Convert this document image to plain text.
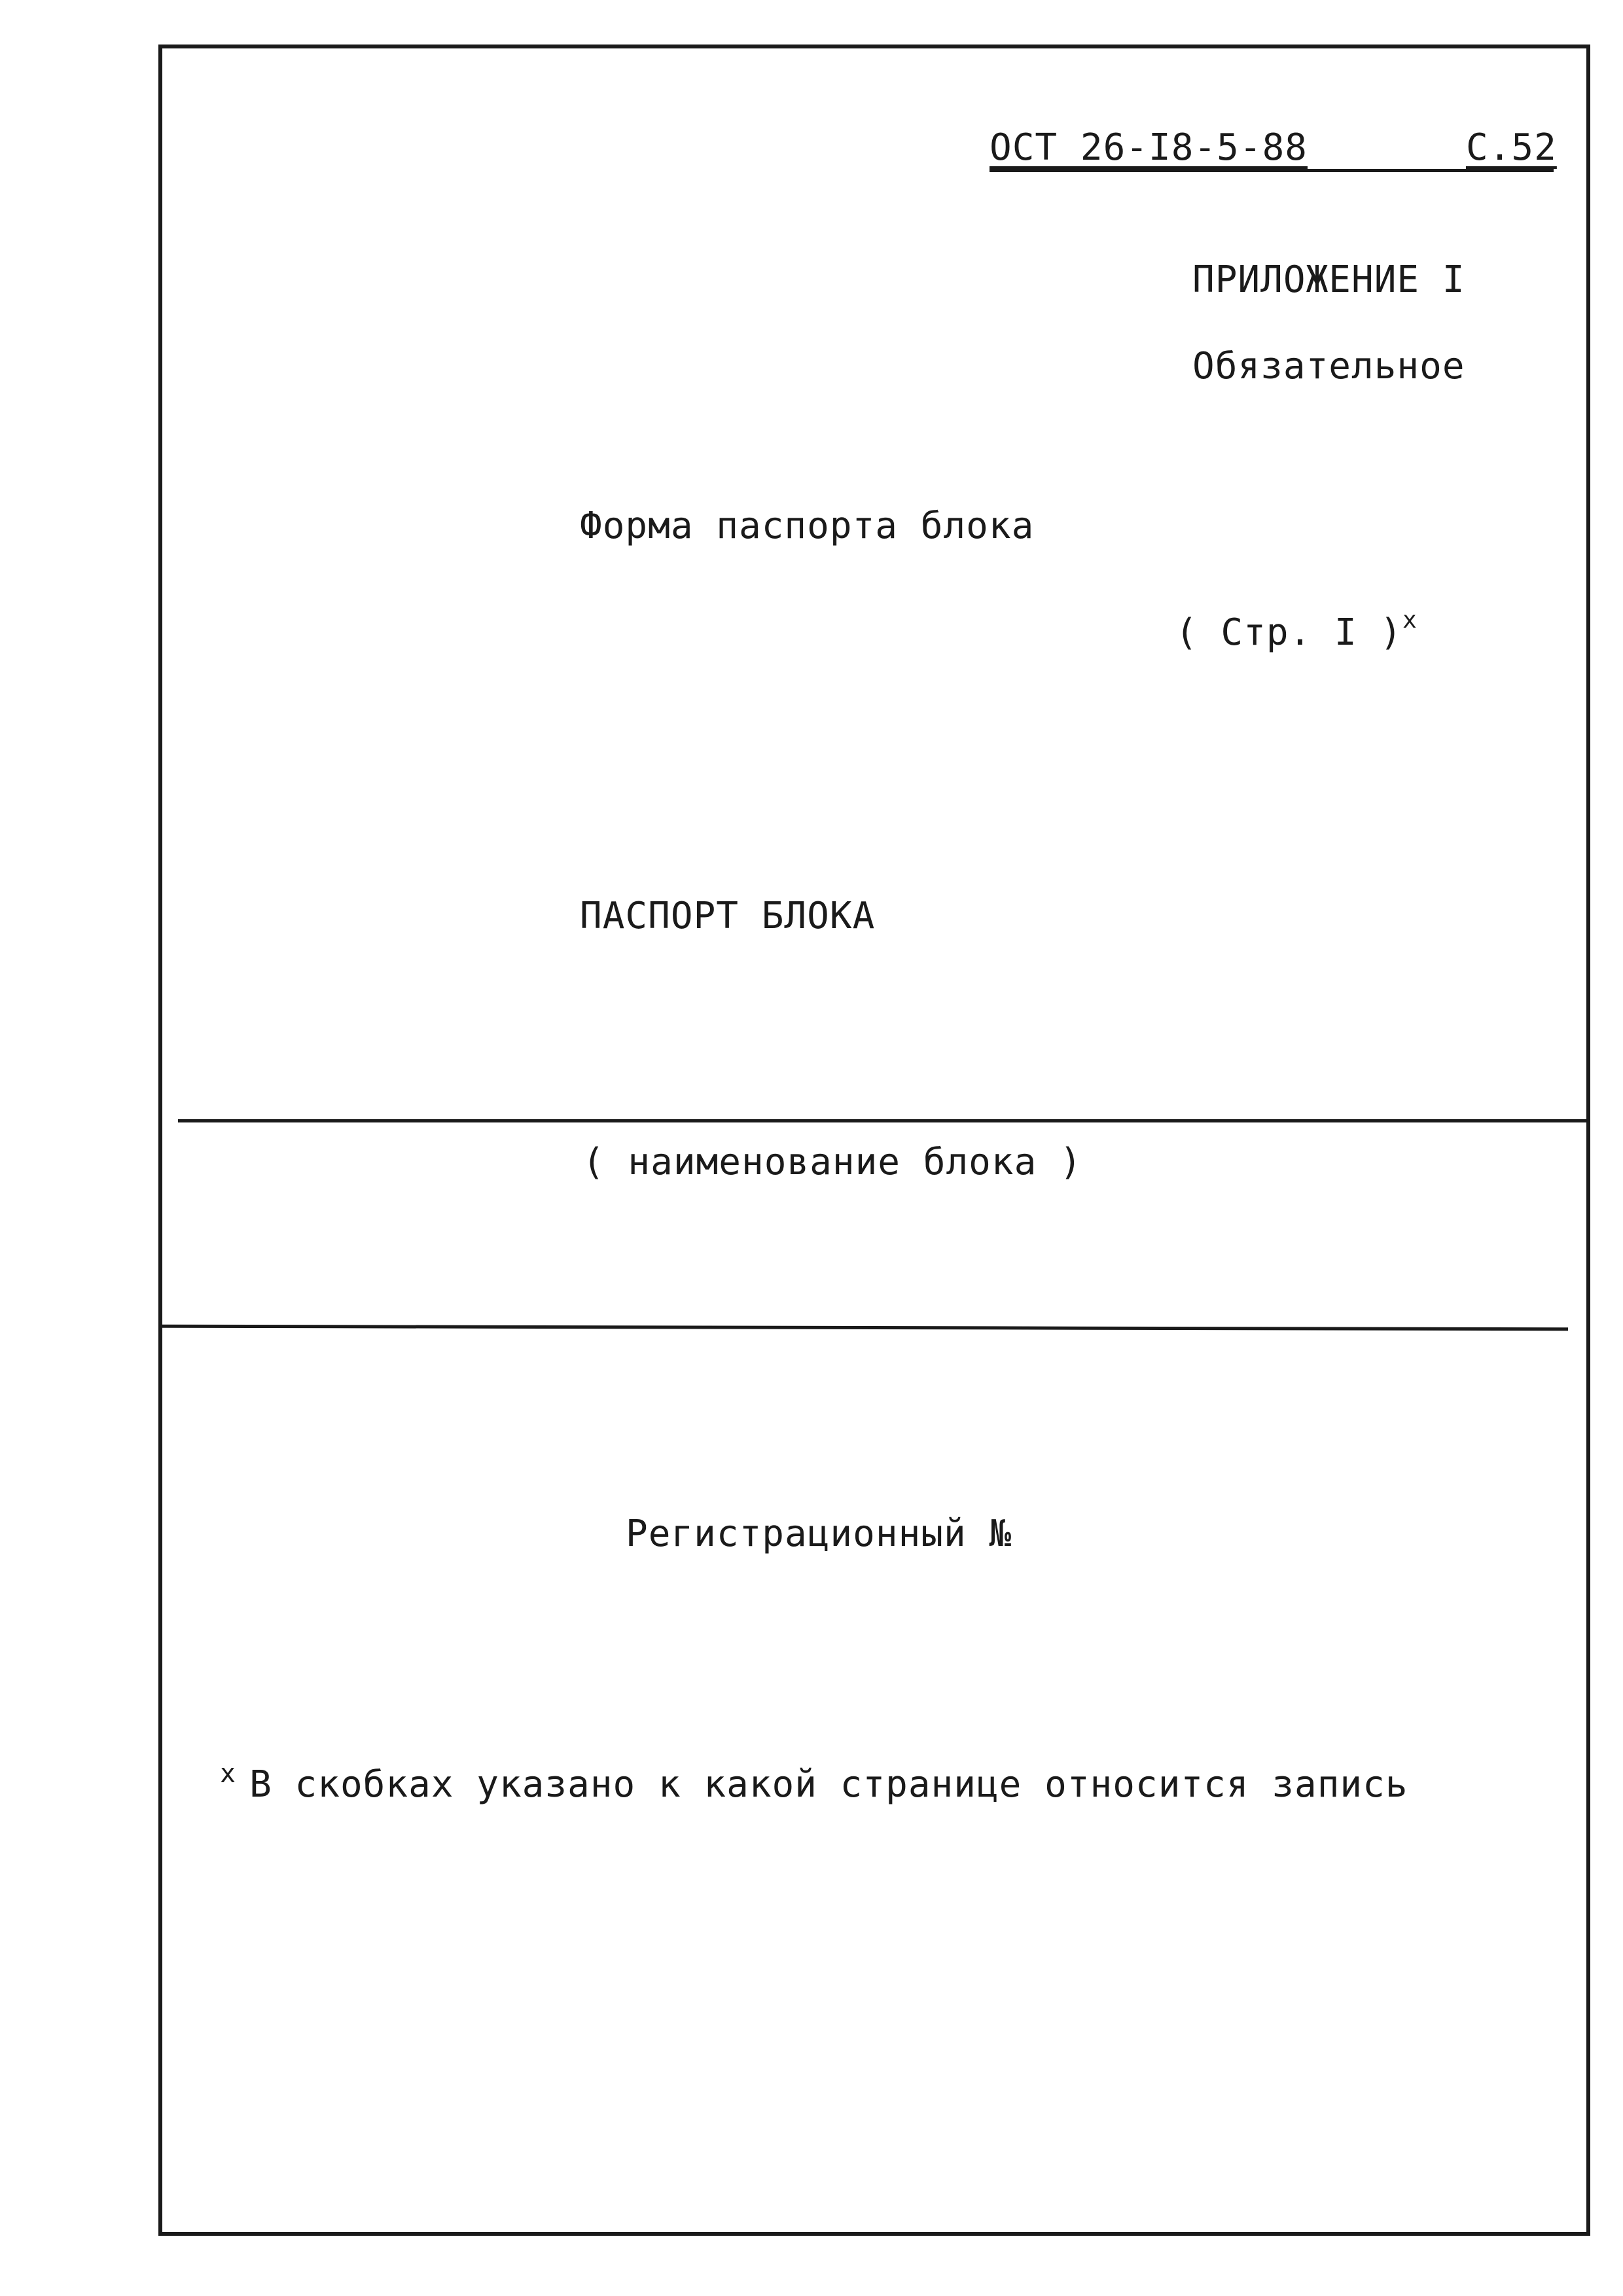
ОСТ 26-I8-5-88	С.52
ПРИЛОЖЕНИЕ I
Обязательное
Форма паспорта блока
( Стр. I )$^x$
ПАСПОРТ БЛОКА
( наименование блока )
Регистрационный №
$^x$ В скобках указано к какой странице относится запись
